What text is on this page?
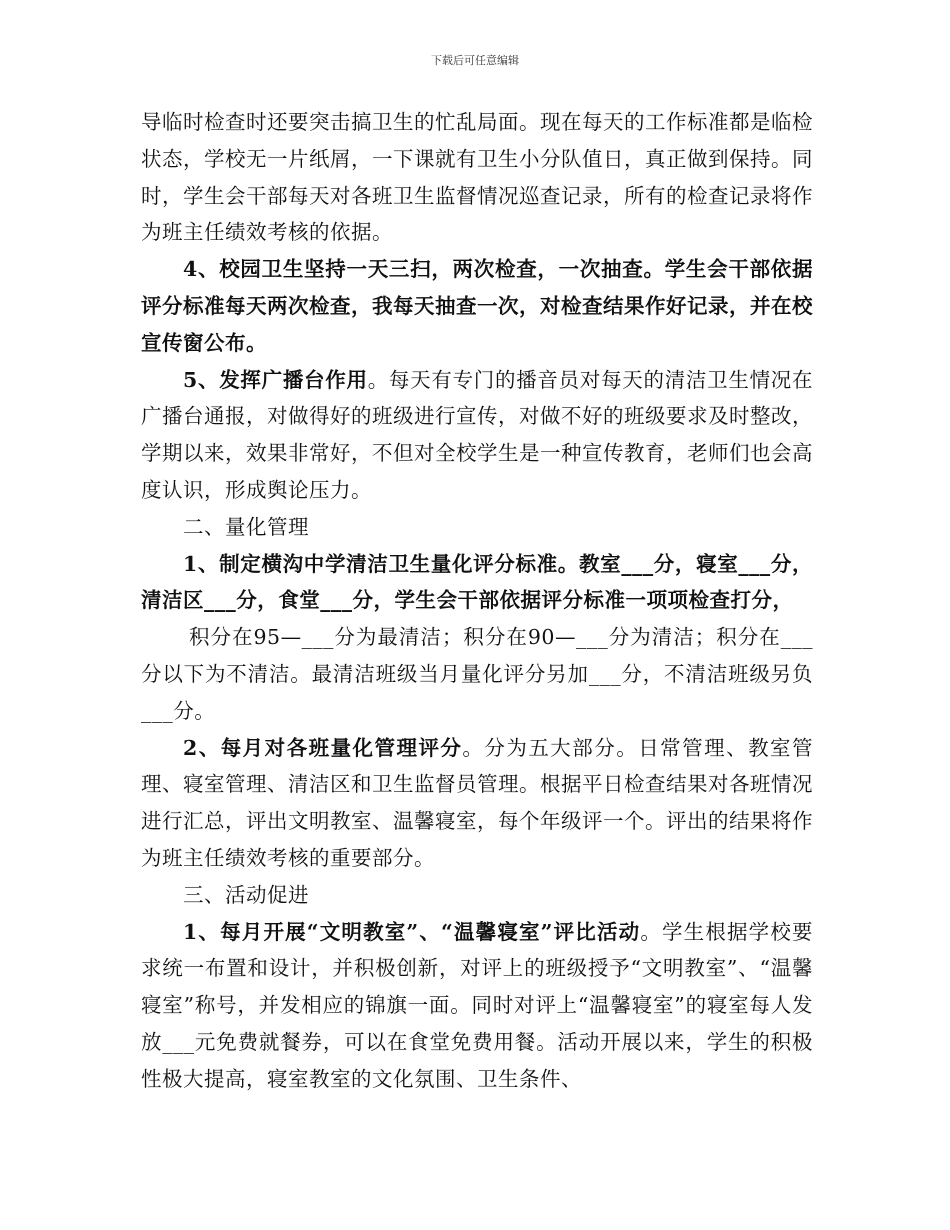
下载后可任意编辑

导临时检查时还要突击搞卫生的忙乱局面。现在每天的工作标准都是临检状态，学校无一片纸屑，一下课就有卫生小分队值日，真正做到保持。同时，学生会干部每天对各班卫生监督情况巡查记录，所有的检查记录将作为班主任绩效考核的依据。

4、校园卫生坚持一天三扫，两次检查，一次抽查。学生会干部依据评分标准每天两次检查，我每天抽查一次，对检查结果作好记录，并在校宣传窗公布。

5、发挥广播台作用。每天有专门的播音员对每天的清洁卫生情况在广播台通报，对做得好的班级进行宣传，对做不好的班级要求及时整改，学期以来，效果非常好，不但对全校学生是一种宣传教育，老师们也会高度认识，形成舆论压力。

二、量化管理

1、制定横沟中学清洁卫生量化评分标准。教室___分，寝室___分，清洁区___分，食堂___分，学生会干部依据评分标准一项项检查打分，

积分在95—___分为最清洁；积分在90—___分为清洁；积分在___分以下为不清洁。最清洁班级当月量化评分另加___分，不清洁班级另负___分。

2、每月对各班量化管理评分。分为五大部分。日常管理、教室管理、寝室管理、清洁区和卫生监督员管理。根据平日检查结果对各班情况进行汇总，评出文明教室、温馨寝室，每个年级评一个。评出的结果将作为班主任绩效考核的重要部分。

三、活动促进

1、每月开展“文明教室”、“温馨寝室”评比活动。学生根据学校要求统一布置和设计，并积极创新，对评上的班级授予“文明教室”、“温馨寝室”称号，并发相应的锦旗一面。同时对评上“温馨寝室”的寝室每人发放___元免费就餐券，可以在食堂免费用餐。活动开展以来，学生的积极性极大提高，寝室教室的文化氛围、卫生条件、
